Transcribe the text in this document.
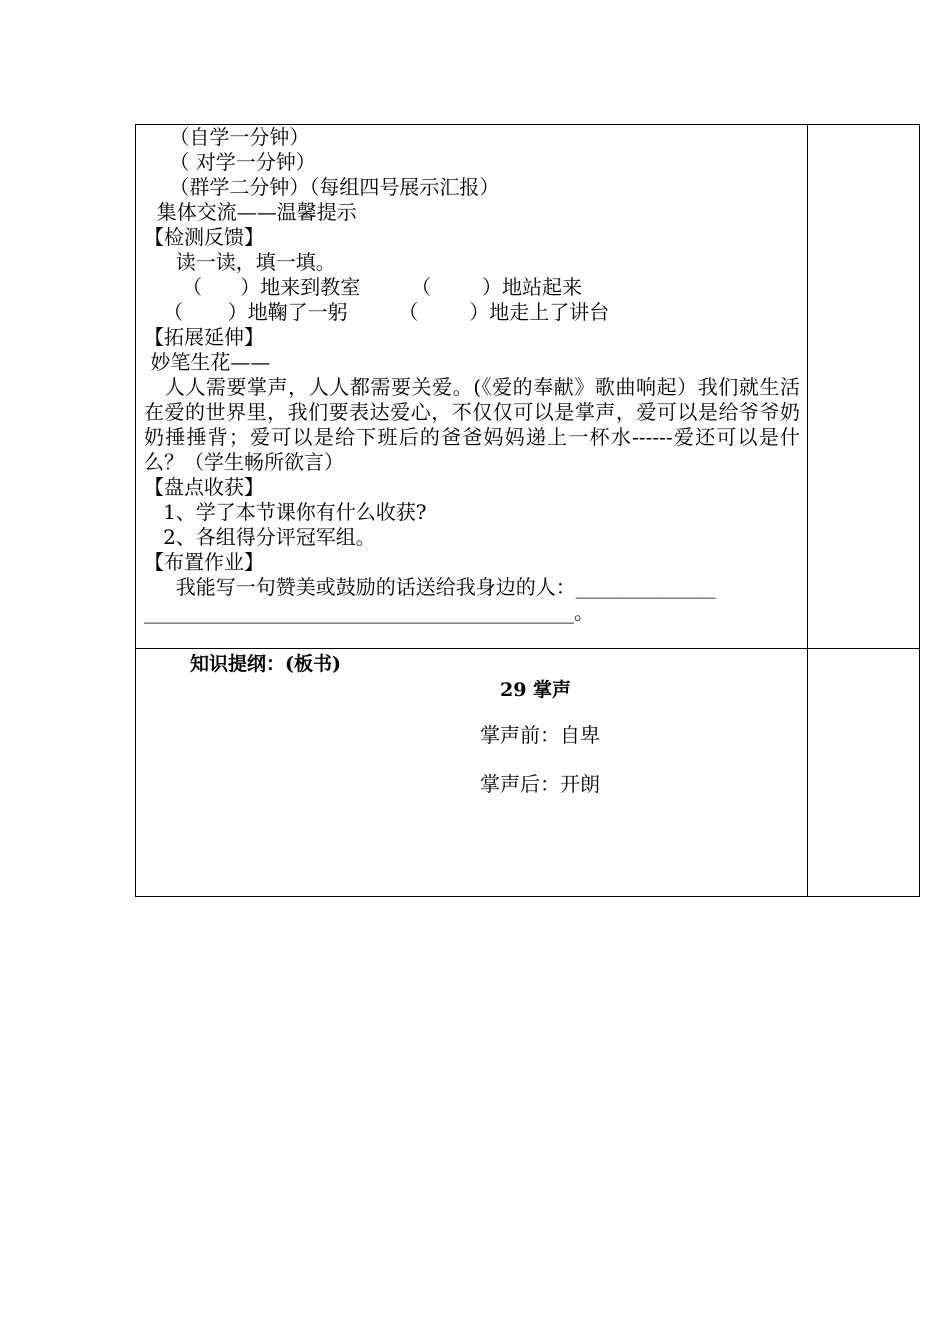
（自学一分钟）
（ 对学一分钟）
（群学二分钟）（每组四号展示汇报）
集体交流——温馨提示
【检测反馈】
读一读，填一填。
（      ）地来到教室        （        ）地站起来
（       ）地鞠了一躬        （        ）地走上了讲台
【拓展延伸】
妙笔生花——
人人需要掌声，人人都需要关爱。(《爱的奉献》歌曲响起）我们就生活在爱的世界里，我们要表达爱心，不仅仅可以是掌声，爱可以是给爷爷奶奶捶捶背；爱可以是给下班后的爸爸妈妈递上一杯水------爱还可以是什么？（学生畅所欲言）
【盘点收获】
1、学了本节课你有什么收获?
2、各组得分评冠军组。
【布置作业】
我能写一句赞美或鼓励的话送给我身边的人：______________
___________________________________________。
知识提纲：(板书)
29 掌声
掌声前：自卑
掌声后：开朗
